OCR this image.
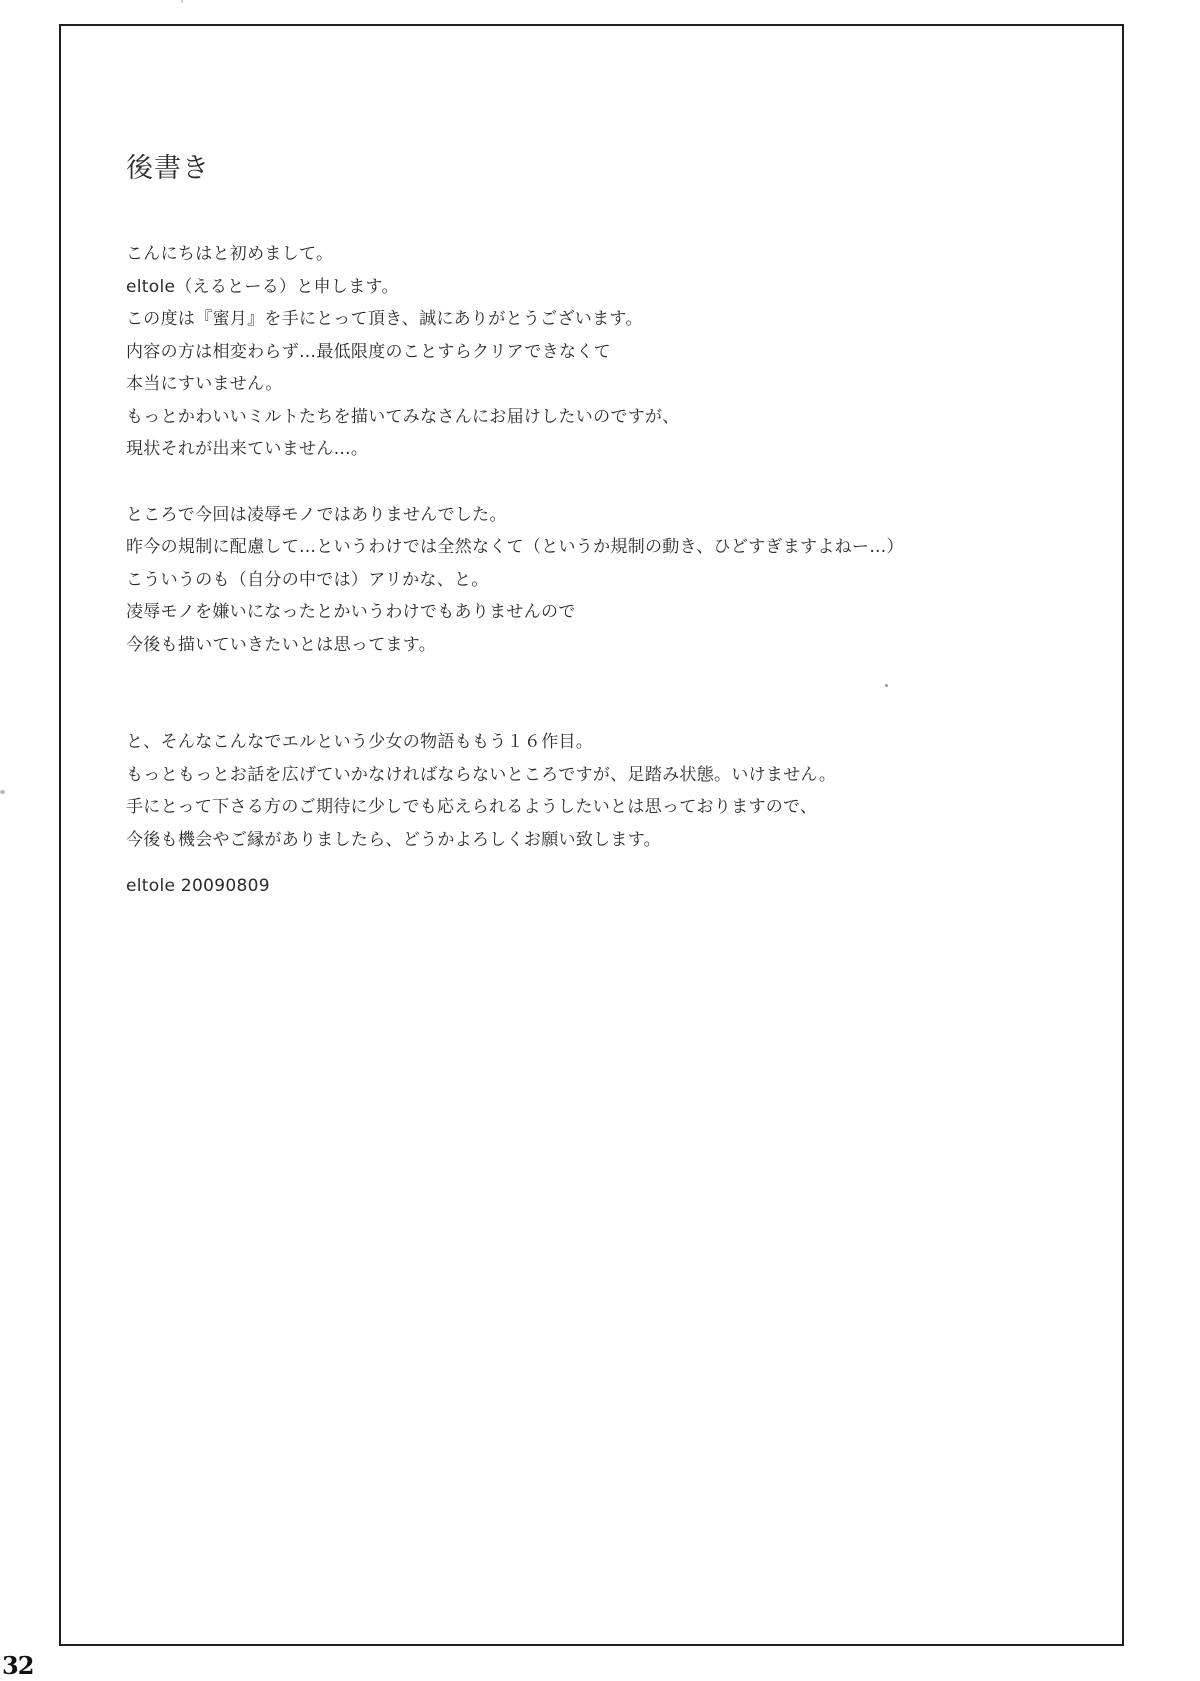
後書き
こんにちはと初めまして。
eltole（えるとーる）と申します。
この度は『蜜月』を手にとって頂き、誠にありがとうございます。
内容の方は相変わらず…最低限度のことすらクリアできなくて
本当にすいません。
もっとかわいいミルトたちを描いてみなさんにお届けしたいのですが、
現状それが出来ていません…。
ところで今回は凌辱モノではありませんでした。
昨今の規制に配慮して…というわけでは全然なくて（というか規制の動き、ひどすぎますよねー…）
こういうのも（自分の中では）アリかな、と。
凌辱モノを嫌いになったとかいうわけでもありませんので
今後も描いていきたいとは思ってます。
と、そんなこんなでエルという少女の物語ももう１６作目。
もっともっとお話を広げていかなければならないところですが、足踏み状態。いけません。
手にとって下さる方のご期待に少しでも応えられるようしたいとは思っておりますので、
今後も機会やご縁がありましたら、どうかよろしくお願い致します。
eltole 20090809
32
